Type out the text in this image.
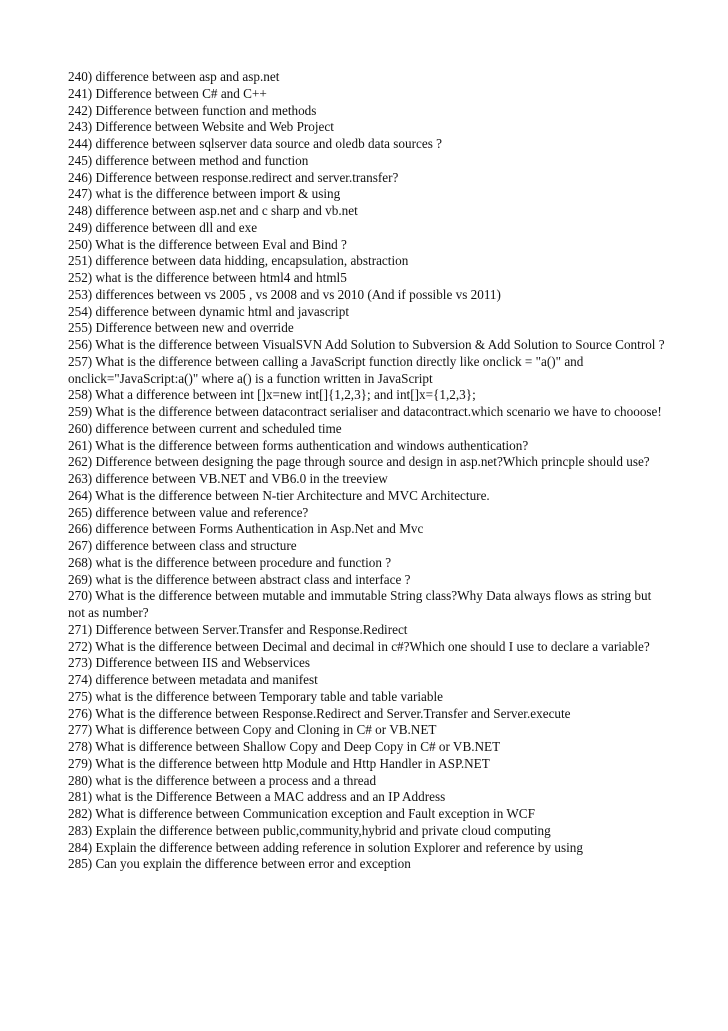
240) difference between asp and asp.net

241) Difference between C# and C++

242) Difference between function and methods

243) Difference between Website and Web Project

244) difference between sqlserver data source and oledb data sources ?

245) difference between method and function

246) Difference between response.redirect and server.transfer?

247) what is the difference between import & using

248) difference between asp.net and c sharp and vb.net

249) difference between dll and exe

250) What is the difference between Eval and Bind ?

251) difference between data hidding, encapsulation, abstraction

252) what is the difference between html4 and html5

253) differences between vs 2005 , vs 2008 and vs 2010 (And if possible vs 2011)

254) difference between dynamic html and javascript

255) Difference between new and override

256) What is the difference between VisualSVN Add Solution to Subversion & Add Solution to Source Control ?

257) What is the difference between calling a JavaScript function directly like onclick = "a()" and onclick="JavaScript:a()" where a() is a function written in JavaScript

258) What a difference between int []x=new int[]{1,2,3}; and int[]x={1,2,3};

259) What is the difference between datacontract serialiser and datacontract.which scenario we have to chooose!

260) difference between current and scheduled time

261) What is the difference between forms authentication and windows authentication?

262) Difference between designing the page through source and design in asp.net?Which princple should use?

263) difference between VB.NET and VB6.0 in the treeview

264) What is the difference between N-tier Architecture and MVC Architecture.

265) difference between value and reference?

266) difference between Forms Authentication in Asp.Net and Mvc

267) difference between class and structure

268) what is the difference between procedure and function ?

269) what is the difference between abstract class and interface ?

270) What is the difference between mutable and immutable String class?Why Data always flows as string but not as number?

271) Difference between Server.Transfer and Response.Redirect

272) What is the difference between Decimal and decimal in c#?Which one should I use to declare a variable?

273) Difference between IIS and Webservices

274) difference between metadata and manifest

275) what is the difference between Temporary table and table variable

276) What is the difference between Response.Redirect and Server.Transfer and Server.execute

277) What is difference between Copy and Cloning in C# or VB.NET

278) What is difference between Shallow Copy and Deep Copy in C# or VB.NET

279) What is the difference between http Module and Http Handler in ASP.NET

280) what is the difference between a process and a thread

281) what is the Difference Between a MAC address and an IP Address

282) What is difference between Communication exception and Fault exception in WCF

283) Explain the difference between public,community,hybrid and private cloud computing

284) Explain the difference between adding reference in solution Explorer and reference by using

285) Can you explain the difference between error and exception
